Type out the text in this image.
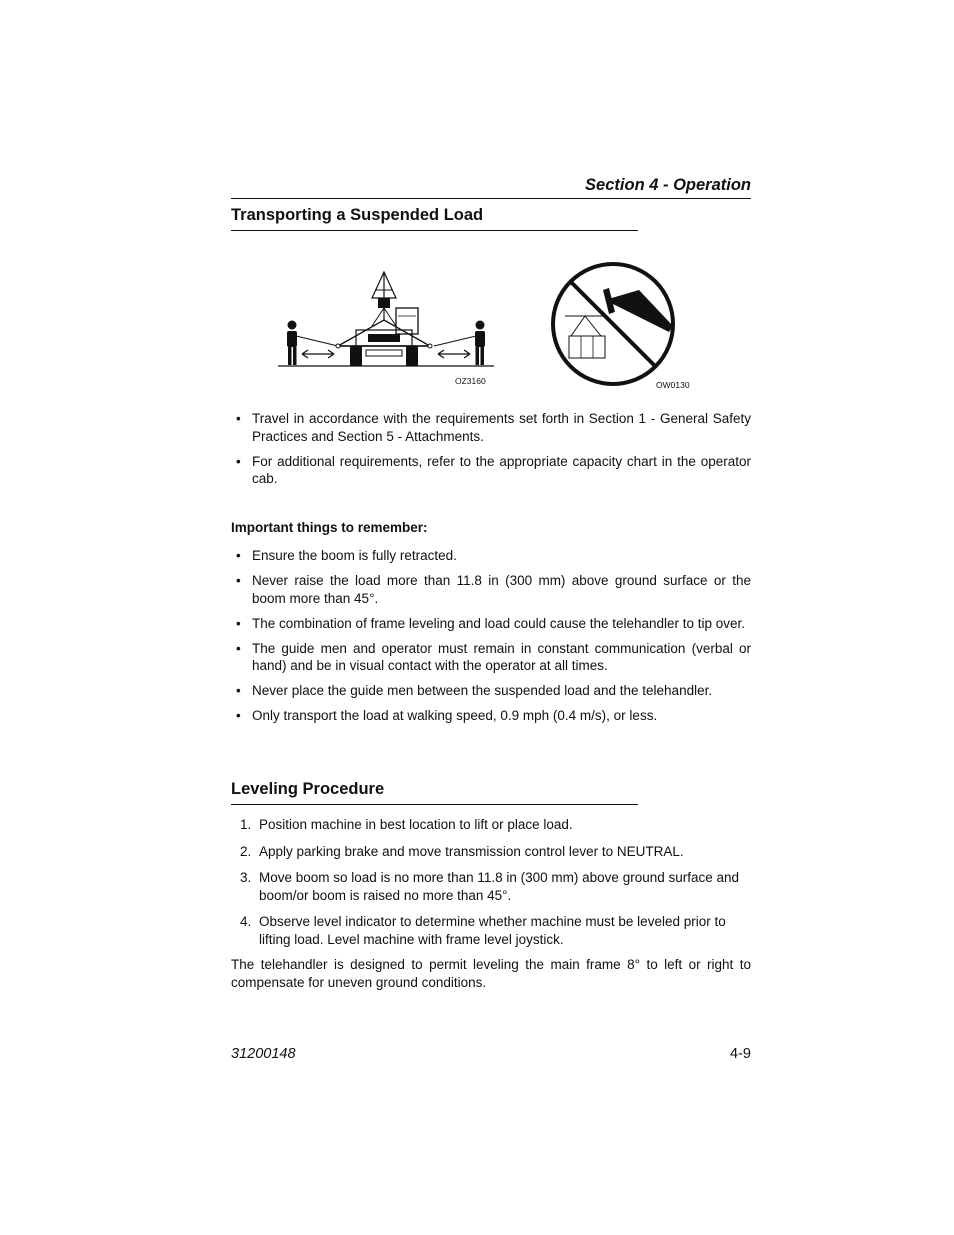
Section 4 - Operation
Transporting a Suspended Load
OZ3160	OW0130
• Travel in accordance with the requirements set forth in Section 1 - General Safety Practices and Section 5 - Attachments.
• For additional requirements, refer to the appropriate capacity chart in the operator cab.
Important things to remember:
• Ensure the boom is fully retracted.
• Never raise the load more than 11.8 in (300 mm) above ground surface or the boom more than 45°.
• The combination of frame leveling and load could cause the telehandler to tip over.
• The guide men and operator must remain in constant communication (verbal or hand) and be in visual contact with the operator at all times.
• Never place the guide men between the suspended load and the telehandler.
• Only transport the load at walking speed, 0.9 mph (0.4 m/s), or less.
Leveling Procedure
1. Position machine in best location to lift or place load.
2. Apply parking brake and move transmission control lever to NEUTRAL.
3. Move boom so load is no more than 11.8 in (300 mm) above ground surface and boom/or boom is raised no more than 45°.
4. Observe level indicator to determine whether machine must be leveled prior to lifting load. Level machine with frame level joystick.
The telehandler is designed to permit leveling the main frame 8° to left or right to compensate for uneven ground conditions.
31200148	4-9
